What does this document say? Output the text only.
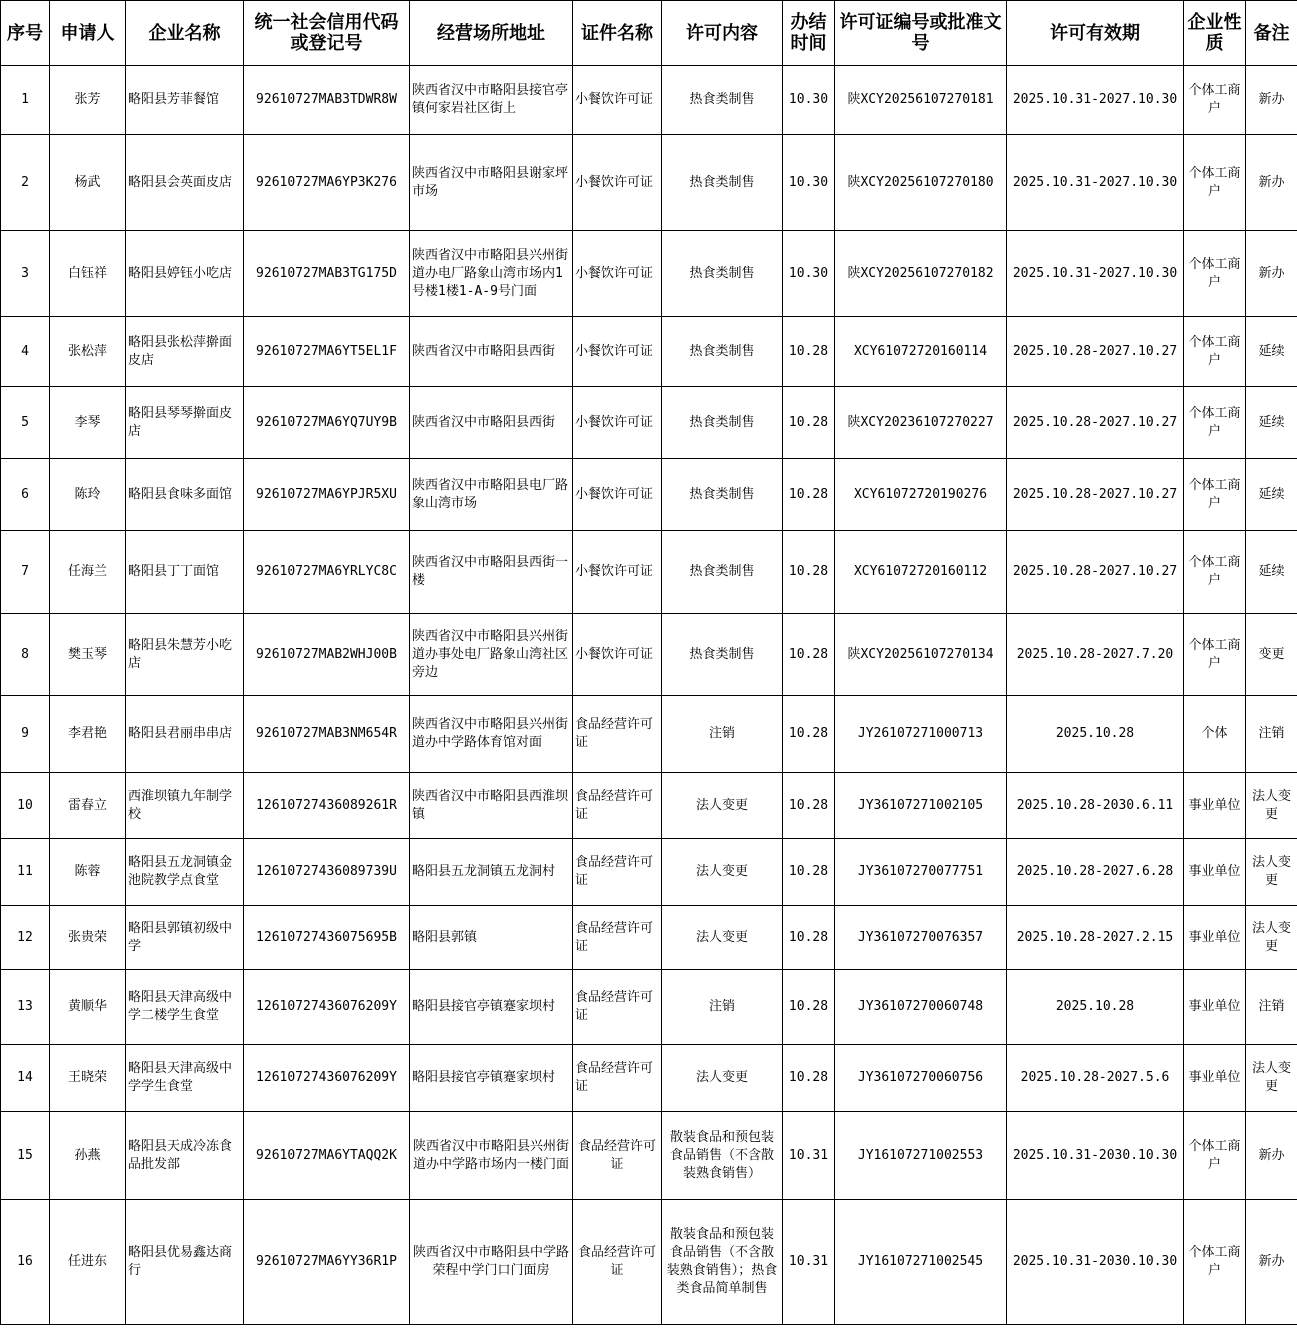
序号	申请人	企业名称	统一社会信用代码或登记号	经营场所地址	证件名称	许可内容	办结时间	许可证编号或批准文号	许可有效期	企业性质	备注
1	张芳	略阳县芳菲餐馆	92610727MAB3TDWR8W	陕西省汉中市略阳县接官亭镇何家岩社区街上	小餐饮许可证	热食类制售	10.30	陕XCY20256107270181	2025.10.31-2027.10.30	个体工商户	新办
2	杨武	略阳县会英面皮店	92610727MA6YP3K276	陕西省汉中市略阳县谢家坪市场	小餐饮许可证	热食类制售	10.30	陕XCY20256107270180	2025.10.31-2027.10.30	个体工商户	新办
3	白钰祥	略阳县婷钰小吃店	92610727MAB3TG175D	陕西省汉中市略阳县兴州街道办电厂路象山湾市场内1号楼1楼1-A-9号门面	小餐饮许可证	热食类制售	10.30	陕XCY20256107270182	2025.10.31-2027.10.30	个体工商户	新办
4	张松萍	略阳县张松萍擀面皮店	92610727MA6YT5EL1F	陕西省汉中市略阳县西街	小餐饮许可证	热食类制售	10.28	XCY61072720160114	2025.10.28-2027.10.27	个体工商户	延续
5	李琴	略阳县琴琴擀面皮店	92610727MA6YQ7UY9B	陕西省汉中市略阳县西街	小餐饮许可证	热食类制售	10.28	陕XCY20236107270227	2025.10.28-2027.10.27	个体工商户	延续
6	陈玲	略阳县食味多面馆	92610727MA6YPJR5XU	陕西省汉中市略阳县电厂路象山湾市场	小餐饮许可证	热食类制售	10.28	XCY61072720190276	2025.10.28-2027.10.27	个体工商户	延续
7	任海兰	略阳县丁丁面馆	92610727MA6YRLYC8C	陕西省汉中市略阳县西街一楼	小餐饮许可证	热食类制售	10.28	XCY61072720160112	2025.10.28-2027.10.27	个体工商户	延续
8	樊玉琴	略阳县朱慧芳小吃店	92610727MAB2WHJ00B	陕西省汉中市略阳县兴州街道办事处电厂路象山湾社区旁边	小餐饮许可证	热食类制售	10.28	陕XCY20256107270134	2025.10.28-2027.7.20	个体工商户	变更
9	李君艳	略阳县君丽串串店	92610727MAB3NM654R	陕西省汉中市略阳县兴州街道办中学路体育馆对面	食品经营许可证	注销	10.28	JY26107271000713	2025.10.28	个体	注销
10	雷春立	西淮坝镇九年制学校	12610727436089261R	陕西省汉中市略阳县西淮坝镇	食品经营许可证	法人变更	10.28	JY36107271002105	2025.10.28-2030.6.11	事业单位	法人变更
11	陈蓉	略阳县五龙洞镇金池院教学点食堂	12610727436089739U	略阳县五龙洞镇五龙洞村	食品经营许可证	法人变更	10.28	JY36107270077751	2025.10.28-2027.6.28	事业单位	法人变更
12	张贵荣	略阳县郭镇初级中学	12610727436075695B	略阳县郭镇	食品经营许可证	法人变更	10.28	JY36107270076357	2025.10.28-2027.2.15	事业单位	法人变更
13	黄顺华	略阳县天津高级中学二楼学生食堂	12610727436076209Y	略阳县接官亭镇蹇家坝村	食品经营许可证	注销	10.28	JY36107270060748	2025.10.28	事业单位	注销
14	王晓荣	略阳县天津高级中学学生食堂	12610727436076209Y	略阳县接官亭镇蹇家坝村	食品经营许可证	法人变更	10.28	JY36107270060756	2025.10.28-2027.5.6	事业单位	法人变更
15	孙燕	略阳县天成冷冻食品批发部	92610727MA6YTAQQ2K	陕西省汉中市略阳县兴州街道办中学路市场内一楼门面	食品经营许可证	散装食品和预包装食品销售（不含散装熟食销售）	10.31	JY16107271002553	2025.10.31-2030.10.30	个体工商户	新办
16	任进东	略阳县优易鑫达商行	92610727MA6YY36R1P	陕西省汉中市略阳县中学路荣程中学门口门面房	食品经营许可证	散装食品和预包装食品销售（不含散装熟食销售）；热食类食品简单制售	10.31	JY16107271002545	2025.10.31-2030.10.30	个体工商户	新办
